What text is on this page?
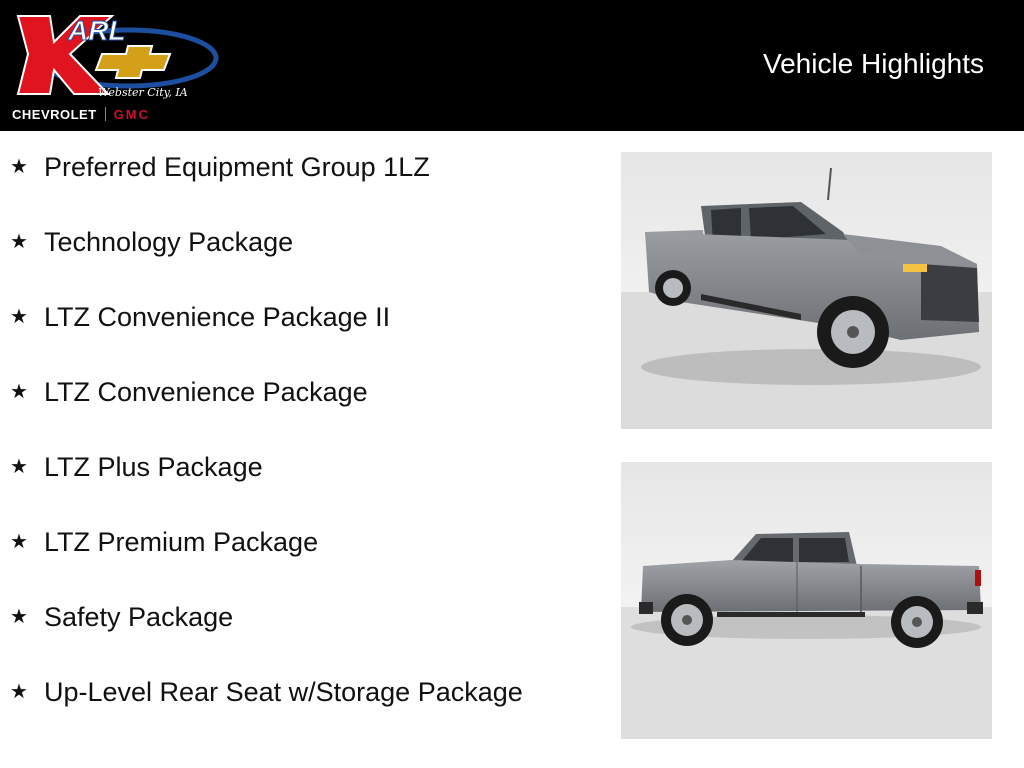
ARL
Webster City, IA
CHEVROLET GMC
Vehicle Highlights
★ Preferred Equipment Group 1LZ
★ Technology Package
★ LTZ Convenience Package II
★ LTZ Convenience Package
★ LTZ Plus Package
★ LTZ Premium Package
★ Safety Package
★ Up-Level Rear Seat w/Storage Package
